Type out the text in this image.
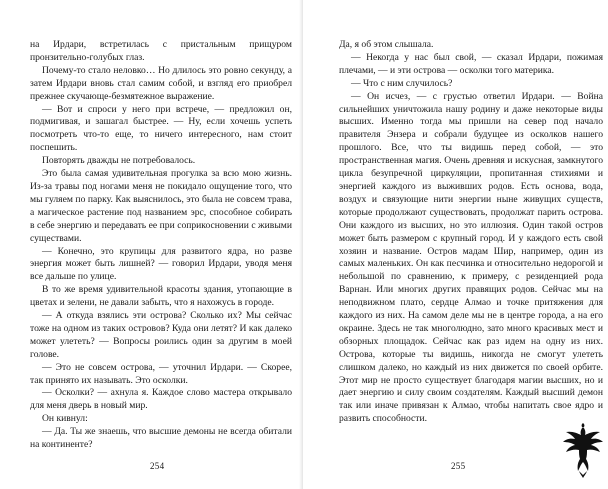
на Ирдари, встретилась с пристальным прищуром пронзительно-голубых глаз.

Почему-то стало неловко… Но длилось это ровно секунду, а затем Ирдари вновь стал самим собой, и взгляд его приобрел прежнее скучающе-безмятежное выражение.

— Вот и спроси у него при встрече, — предложил он, подмигивая, и зашагал быстрее. — Ну, если хочешь успеть посмотреть что-то еще, то ничего интересного, нам стоит поспешить.

Повторять дважды не потребовалось.

Это была самая удивительная прогулка за всю мою жизнь. Из-за травы под ногами меня не покидало ощущение того, что мы гуляем по парку. Как выяснилось, это была не совсем трава, а магическое растение под названием эрс, способное собирать в себе энергию и передавать ее при соприкосновении с живыми существами.

— Конечно, это крупицы для развитого ядра, но разве энергия может быть лишней? — говорил Ирдари, уводя меня все дальше по улице.

В то же время удивительной красоты здания, утопающие в цветах и зелени, не давали забыть, что я нахожусь в городе.

— А откуда взялись эти острова? Сколько их? Мы сейчас тоже на одном из таких островов? Куда они летят? И как далеко может улететь? — Вопросы роились один за другим в моей голове.

— Это не совсем острова, — уточнил Ирдари. — Скорее, так принято их называть. Это осколки.

— Осколки? — ахнула я. Каждое слово мастера открывало для меня дверь в новый мир.

Он кивнул:

— Да. Ты же знаешь, что высшие демоны не всегда обитали на континенте?

254

Да, я об этом слышала.

— Некогда у нас был свой, — сказал Ирдари, пожимая плечами, — и эти острова — осколки того материка.

— Что с ним случилось?

— Он исчез, — с грустью ответил Ирдари. — Война сильнейших уничтожила нашу родину и даже некоторые виды высших. Именно тогда мы пришли на север под начало правителя Энзера и собрали будущее из осколков нашего прошлого. Все, что ты видишь перед собой, — это пространственная магия. Очень древняя и искусная, замкнутого цикла безупречной циркуляции, пропитанная стихиями и энергией каждого из выживших родов. Есть основа, вода, воздух и связующие нити энергии ныне живущих существ, которые продолжают существовать, продолжат парить острова. Они каждого из высших, но это иллюзия. Один такой остров может быть размером с крупный город. И у каждого есть свой хозяин и название. Остров мадам Шир, например, один из самых маленьких. Он как песчинка и относительно недорогой и небольшой по сравнению, к примеру, с резиденцией рода Варнан. Или многих других правящих родов. Сейчас мы на неподвижном плато, сердце Алмао и точке притяжения для каждого из них. На самом деле мы не в центре города, а на его окраине. Здесь не так многолюдно, зато много красивых мест и обзорных площадок. Сейчас как раз идем на одну из них. Острова, которые ты видишь, никогда не смогут улететь слишком далеко, но каждый из них движется по своей орбите. Этот мир не просто существует благодаря магии высших, но и дает энергию и силу своим создателям. Каждый высший демон так или иначе привязан к Алмао, чтобы напитать свое ядро и развить способности.

255
